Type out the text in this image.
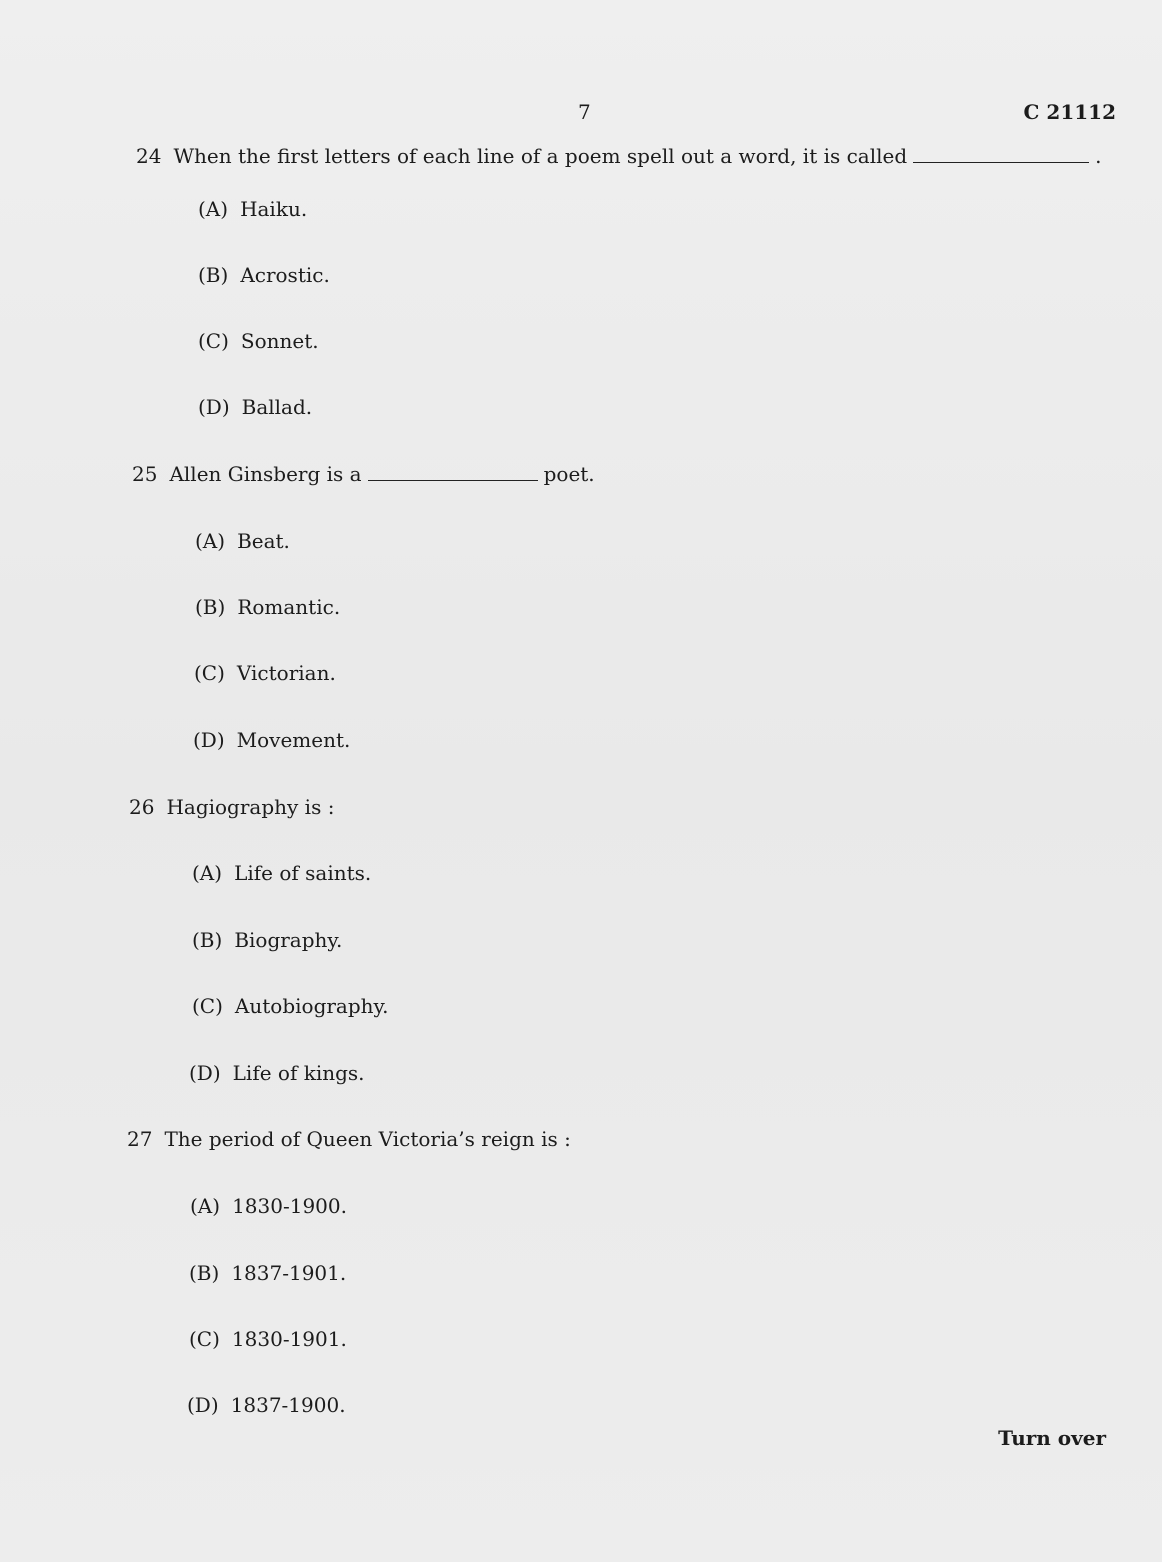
7	C 21112
24 When the first letters of each line of a poem spell out a word, it is called	.
(A) Haiku.
(B) Acrostic.
(C) Sonnet.
(D) Ballad.
25 Allen Ginsberg is a	poet.
(A) Beat.
(B) Romantic.
(C) Victorian.
(D) Movement.
26 Hagiography is :
(A) Life of saints.
(B) Biography.
(C) Autobiography.
(D) Life of kings.
27 The period of Queen Victoria’s reign is :
(A) 1830-1900.
(B) 1837-1901.
(C) 1830-1901.
(D) 1837-1900.
Turn over
